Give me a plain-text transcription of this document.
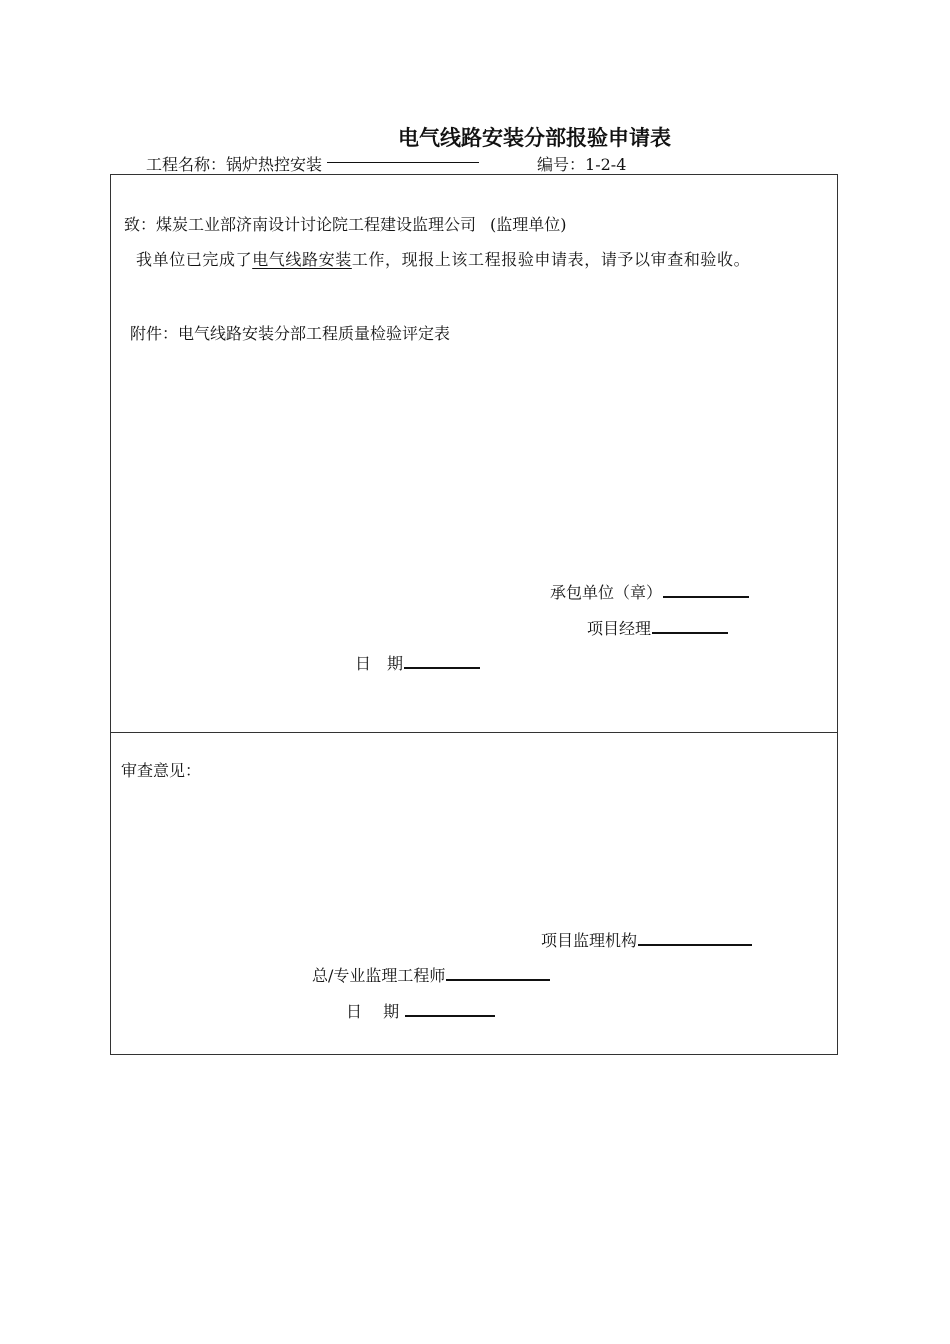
电气线路安装分部报验申请表
工程名称：锅炉热控安装	编号：1-2-4
致：煤炭工业部济南设计讨论院工程建设监理公司 (监理单位)
我单位已完成了电气线路安装工作，现报上该工程报验申请表，请予以审查和验收。
附件：电气线路安装分部工程质量检验评定表
承包单位（章）
项目经理
日　期
审查意见：
项目监理机构
总/专业监理工程师
日　 期
